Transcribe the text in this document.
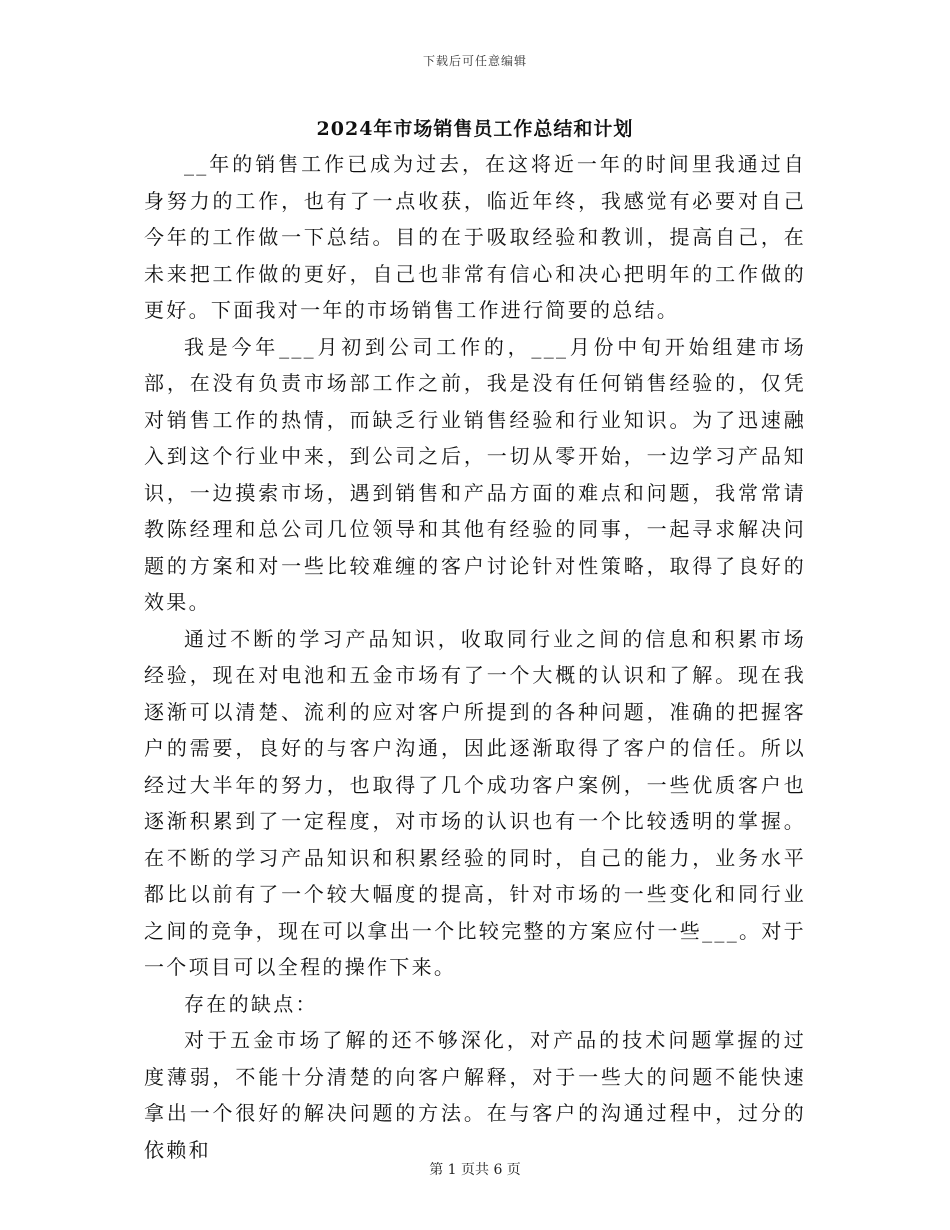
下载后可任意编辑
2024年市场销售员工作总结和计划

__年的销售工作已成为过去，在这将近一年的时间里我通过自身努力的工作，也有了一点收获，临近年终，我感觉有必要对自己今年的工作做一下总结。目的在于吸取经验和教训，提高自己，在未来把工作做的更好，自己也非常有信心和决心把明年的工作做的更好。下面我对一年的市场销售工作进行简要的总结。

我是今年___月初到公司工作的，___月份中旬开始组建市场部，在没有负责市场部工作之前，我是没有任何销售经验的，仅凭对销售工作的热情，而缺乏行业销售经验和行业知识。为了迅速融入到这个行业中来，到公司之后，一切从零开始，一边学习产品知识，一边摸索市场，遇到销售和产品方面的难点和问题，我常常请教陈经理和总公司几位领导和其他有经验的同事，一起寻求解决问题的方案和对一些比较难缠的客户讨论针对性策略，取得了良好的效果。

通过不断的学习产品知识，收取同行业之间的信息和积累市场经验，现在对电池和五金市场有了一个大概的认识和了解。现在我逐渐可以清楚、流利的应对客户所提到的各种问题，准确的把握客户的需要，良好的与客户沟通，因此逐渐取得了客户的信任。所以经过大半年的努力，也取得了几个成功客户案例，一些优质客户也逐渐积累到了一定程度，对市场的认识也有一个比较透明的掌握。在不断的学习产品知识和积累经验的同时，自己的能力，业务水平都比以前有了一个较大幅度的提高，针对市场的一些变化和同行业之间的竞争，现在可以拿出一个比较完整的方案应付一些___。对于一个项目可以全程的操作下来。

存在的缺点：

对于五金市场了解的还不够深化，对产品的技术问题掌握的过度薄弱，不能十分清楚的向客户解释，对于一些大的问题不能快速拿出一个很好的解决问题的方法。在与客户的沟通过程中，过分的依赖和

第 1 页共 6 页
